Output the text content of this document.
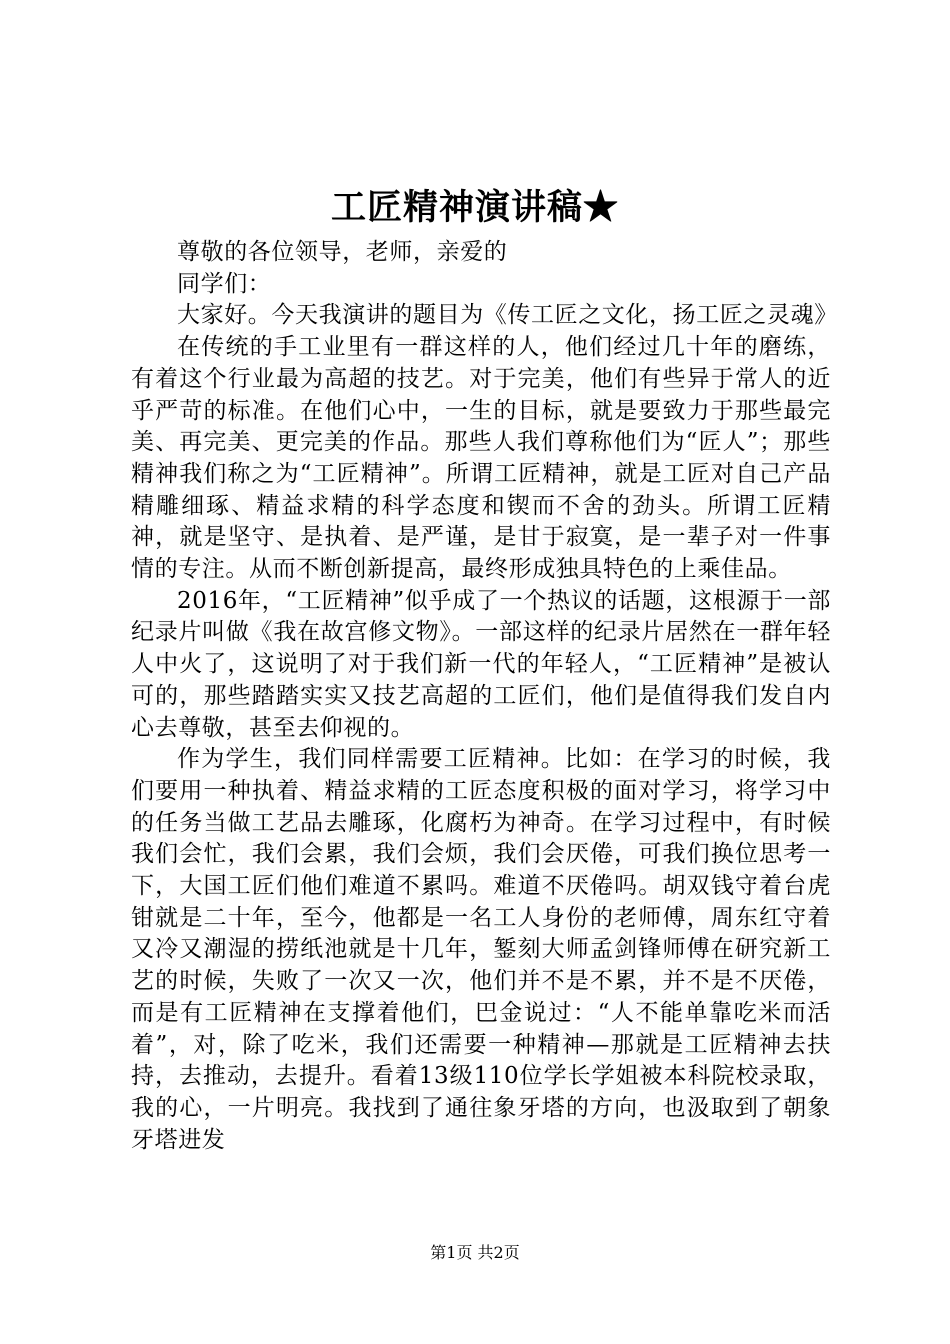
工匠精神演讲稿★

尊敬的各位领导，老师，亲爱的

同学们：

大家好。今天我演讲的题目为《传工匠之文化，扬工匠之灵魂》

在传统的手工业里有一群这样的人，他们经过几十年的磨练，有着这个行业最为高超的技艺。对于完美，他们有些异于常人的近乎严苛的标准。在他们心中，一生的目标，就是要致力于那些最完美、再完美、更完美的作品。那些人我们尊称他们为“匠人”；那些精神我们称之为“工匠精神”。所谓工匠精神，就是工匠对自己产品精雕细琢、精益求精的科学态度和锲而不舍的劲头。所谓工匠精神，就是坚守、是执着、是严谨，是甘于寂寞，是一辈子对一件事情的专注。从而不断创新提高，最终形成独具特色的上乘佳品。

2016年，“工匠精神”似乎成了一个热议的话题，这根源于一部纪录片叫做《我在故宫修文物》。一部这样的纪录片居然在一群年轻人中火了，这说明了对于我们新一代的年轻人，“工匠精神”是被认可的，那些踏踏实实又技艺高超的工匠们，他们是值得我们发自内心去尊敬，甚至去仰视的。

作为学生，我们同样需要工匠精神。比如：在学习的时候，我们要用一种执着、精益求精的工匠态度积极的面对学习，将学习中的任务当做工艺品去雕琢，化腐朽为神奇。在学习过程中，有时候我们会忙，我们会累，我们会烦，我们会厌倦，可我们换位思考一下，大国工匠们他们难道不累吗。难道不厌倦吗。胡双钱守着台虎钳就是二十年，至今，他都是一名工人身份的老师傅，周东红守着又冷又潮湿的捞纸池就是十几年，錾刻大师孟剑锋师傅在研究新工艺的时候，失败了一次又一次，他们并不是不累，并不是不厌倦，而是有工匠精神在支撑着他们，巴金说过：“人不能单靠吃米而活着”，对，除了吃米，我们还需要一种精神—那就是工匠精神去扶持，去推动，去提升。看着13级110位学长学姐被本科院校录取，我的心，一片明亮。我找到了通往象牙塔的方向，也汲取到了朝象牙塔进发

第1页 共2页
